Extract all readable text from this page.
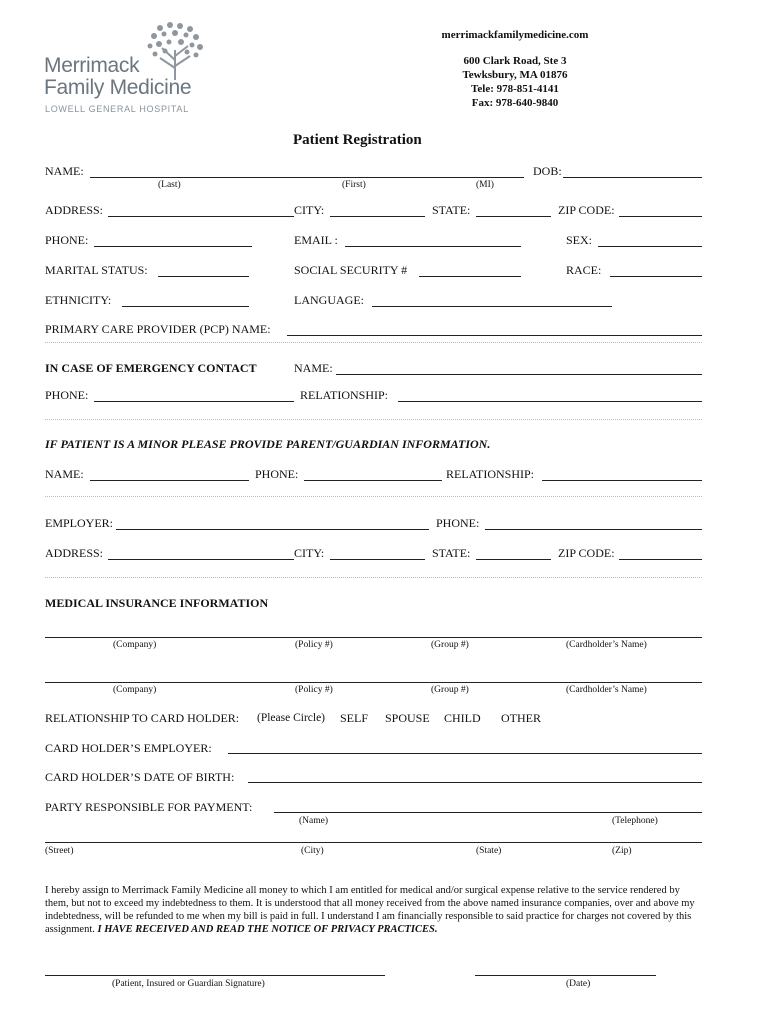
Merrimack
Family Medicine
LOWELL GENERAL HOSPITAL
merrimackfamilymedicine.com
600 Clark Road, Ste 3
Tewksbury, MA 01876
Tele: 978-851-4141
Fax: 978-640-9840
Patient Registration
NAME:	DOB:
(Last)	(First)	(MI)
ADDRESS:	CITY:	STATE:	ZIP CODE:
PHONE:	EMAIL :	SEX:
MARITAL STATUS:	SOCIAL SECURITY #	RACE:
ETHNICITY:	LANGUAGE:
PRIMARY CARE PROVIDER (PCP) NAME:
IN CASE OF EMERGENCY CONTACT	NAME:
PHONE:	RELATIONSHIP:
IF PATIENT IS A MINOR PLEASE PROVIDE PARENT/GUARDIAN INFORMATION.
NAME:	PHONE:	RELATIONSHIP:
EMPLOYER:	PHONE:
ADDRESS:	CITY:	STATE:	ZIP CODE:
MEDICAL INSURANCE INFORMATION
(Company)	(Policy #)	(Group #)	(Cardholder’s Name)
(Company)	(Policy #)	(Group #)	(Cardholder’s Name)
RELATIONSHIP TO CARD HOLDER: (Please Circle) SELF SPOUSE CHILD OTHER
CARD HOLDER’S EMPLOYER:
CARD HOLDER’S DATE OF BIRTH:
PARTY RESPONSIBLE FOR PAYMENT:
(Name)	(Telephone)
(Street)	(City)	(State)	(Zip)
I hereby assign to Merrimack Family Medicine all money to which I am entitled for medical and/or surgical expense relative to the service rendered by them, but not to exceed my indebtedness to them. It is understood that all money received from the above named insurance companies, over and above my indebtedness, will be refunded to me when my bill is paid in full. I understand I am financially responsible to said practice for charges not covered by this assignment. I HAVE RECEIVED AND READ THE NOTICE OF PRIVACY PRACTICES.
(Patient, Insured or Guardian Signature)	(Date)
